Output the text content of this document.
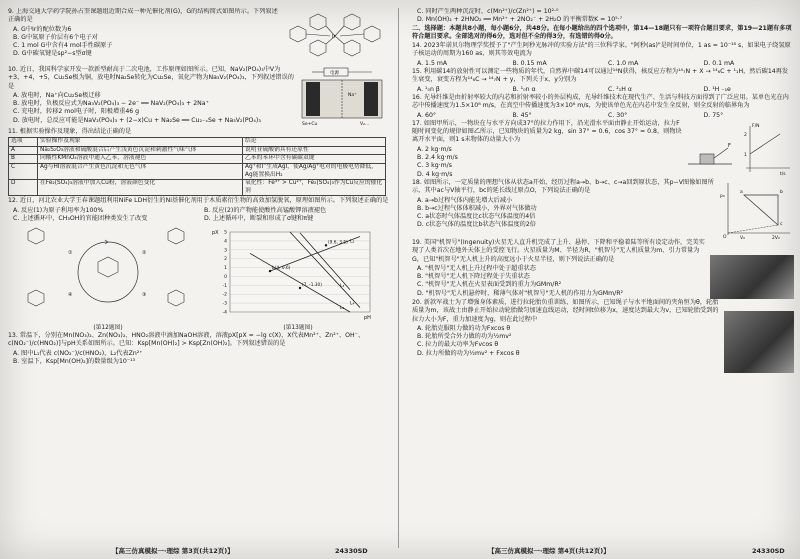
9. 上海交通大学药学院孙占奎课题组近期合成一种光催化剂(G)，G的结构简式如图所示。下列叙述正确的是
A. G中Ir的配位数为6
B. G中氮原子价层有6个电子对
C. 1 mol G中含有4 mol手性碳原子
D. G中碳氧键是sp²−s型σ键
Ir
10. 近日，我国科学家开发一款新型耐高于二次电池，工作原理如图所示。已知，NaV₂(PO₄)₃中V为+3，+4，+5，Cu₂Se极为铜，放电时Na₂Se转化为Cu₂Se，氧化产物为Na₃V₂(PO₄)₃，下列叙述错误的是
A. 放电时，Na⁺向Cu₂Se极迁移
B. 放电时，负极反应式为Na₃V₂(PO₄)₃ − 2e⁻ ══ NaV₂(PO₄)₃ + 2Na⁺
C. 充电时，转移2 mol电子时，阳极增重46 g
D. 放电时，总反应可能是NaV₂(PO₄)₃ + (2−x)Cu + Na₂Se ══ Cu₂₋ₓSe + Na₃V₂(PO₄)₃
电源
Na⁺
Se+Cu	V₂...
11. 根据实验操作及现象，得出结论正确的是
选项	实验操作及现象	结论
A	Na₂S₂O₃溶液和硫酸混合后产生浅黄色沉淀和刺激性气味气体	说明亚硫酸钠具有还原性
B	向酸性KMnO₄溶液中通入乙苯，溶液褪色	乙苯的苯环中含有碳碳双键
C	Ag与HI溶液混合产生黄色沉淀和无色气体	Ag⁺和I⁻生成AgI，使Ag/Ag⁺电对的电极电势降低，Ag能置换出H₂
D	在Fe₂(SO₄)₃溶液中加入Cu粉，溶液颜色变化	氧化性：Fe³⁺ > Cu²⁺，Fe₂(SO₄)₃作为Cu反应的催化剂
12. 近日，河北农业大学王春课题组利用NiFe LDH衍生的Ni基催化剂用于木质素衍生物的高效加氢脱氧，原理如图所示。下列叙述正确的是
A. 反应(1)为原子利用率为100%	B. 反应(2)的产物能使酸性高锰酸钾溶液褪色
C. 上述循环中，CH₃OH的官能团种类发生了改变	D. 上述循环中，断裂和形成了σ键和π键
①	②
③
④
(第12题图)
5
4
3
2
1
0
-1
-2
-3
-4
pX
pH
L₁
L₂
L₃
L₄
b(4, 0.6)
(9.6, 3.5)
(7, -1.30)
(第13题图)
13. 常温下，分别在Mn(NO₃)₂、Zn(NO₃)₂、HNO₂溶液中滴加NaOH溶液，溶液pX[pX = −lg c(X)，X代表Mn²⁺、Zn²⁺、OH⁻、c(NO₂⁻)/c(HNO₂)]与pH关系如图所示。已知：Ksp[Mn(OH)₂] > Ksp[Zn(OH)₂]。下列叙述错误的是
A. 图中L₁代表 c(NO₂⁻)/c(HNO₂)，L₂代表Zn²⁺
B. 室温下，Ksp[Mn(OH)₂]的数量级为10⁻¹³
C. 同时产生两种沉淀时，c(Mn²⁺)/c(Zn²⁺) = 10²·⁰
D. Mn(OH)₂ + 2HNO₂ ══ Mn²⁺ + 2NO₂⁻ + 2H₂O 的平衡常数K = 10⁵·⁷
二、选择题：本题共8小题，每小题6分，共48分。在每小题给出的四个选项中，第14—18题只有一项符合题目要求，第19—21题有多项符合题目要求。全部选对的得6分，选对但不全的得3分，有选错的得0分。
14. 2023年诺贝尔物理学奖授予了"产生阿秒光脉冲的实验方法"的三位科学家。"阿秒(as)"是时间单位，1 as = 10⁻¹⁸ s，如果电子绕氢原子核运动的周期为160 as，则其等效电流为
A. 1.5 mA	B. 0.15 mA	C. 1.0 mA	D. 0.1 mA
15. 利用碳14的放射性可以测定一些物质的年代，自然界中碳14可以通过¹⁴N获得，核反应方程为¹⁴₇N + X → ¹⁴₆C + ¹₁H，然后碳14再发生衰变，衰变方程为¹⁴₆C → ¹⁴₇N + y，下列关于x、y分别为
A. ¹₀n β	B. ¹₀n α	C. ²₁H α	D. ¹H ₋₁e
16. 光导纤维是由折射率较大的内芯和折射率较小的外层构成，光导纤维技术在现代生产、生活与科技方面得到了广泛应用。某单色光在内芯中传播速度为1.5×10⁸ m/s，在真空中传播速度为3×10⁸ m/s，为使该单色光在内芯中发生全反射，则全反射的临界角为
A. 60°	B. 45°	C. 30°	D. 75°
17. 如图甲所示，一物块在与水平方向成37°的拉力作用下，沿光滑水平面由静止开始运动，拉力F随时间变化的规律如图乙所示，已知物块的质量为2 kg，sin 37° = 0.6，cos 37° = 0.8，则物块离开水平面，则1 s末物体的动量大小为
A. 2 kg·m/s
B. 2.4 kg·m/s
C. 3 kg·m/s
D. 4 kg·m/s
F
F/N
t/s
2
1
18. 如图所示，一定质量的理想气体从状态a开始，经历过程a→b、b→c、c→a回到原状态，其p−V图像如图所示，其中ac与V轴平行，bc的延长线过原点O，下列说法正确的是
A. a→b过程气体内能先增大后减小
B. b→c过程气体体积减小，外界对气体做功
C. a状态时气体温度比c状态气体温度的4倍
D. c状态气体的温度比b状态气体温度的2倍
p₀
a	b
c
O	V₀	2V₀
19. 美国"机智号"(Ingenuity)火星无人直升机完成了上升、悬停、下降和平稳着陆等所有设定动作，完美实现了人类首次在地外天体上的受控飞行。火星质量为M、半径为R，"机智号"无人机质量为m、引力常量为G，已知"机智号"无人机上升的高度远小于火星半径，则下列说法正确的是
A. "机智号"无人机上升过程中处于超重状态
B. "机智号"无人机下降过程处于失重状态
C. "机智号"无人机在火星表面受到的重力为GMm/R²
D. "机智号"无人机悬停时，稀薄气体对"机智号"无人机的作用力为GMm/R²
20. 新款军战士为了增强身体素质，进行拉轮胎负重训练，如图所示，已知绳子与水平地面间的夹角恒为θ，轮胎质量为m，该战士由静止开始拉动轮胎做匀加速直线运动，经时间t位移为x，速度达到最大为v，已知轮胎受到的拉力大小为F，重力加速度为g，则在此过程中
A. 轮胎克服阻力做的功为Fxcos θ
B. 轮胎所受合外力做的功为½mv²
C. 拉力的最大功率为Fvcos θ
D. 拉力所做的功为½mv² + Fxcos θ
【高三仿真模拟一·理综 第3页(共12页)】	24330SD	【高三仿真模拟一·理综 第4页(共12页)】	24330SD
